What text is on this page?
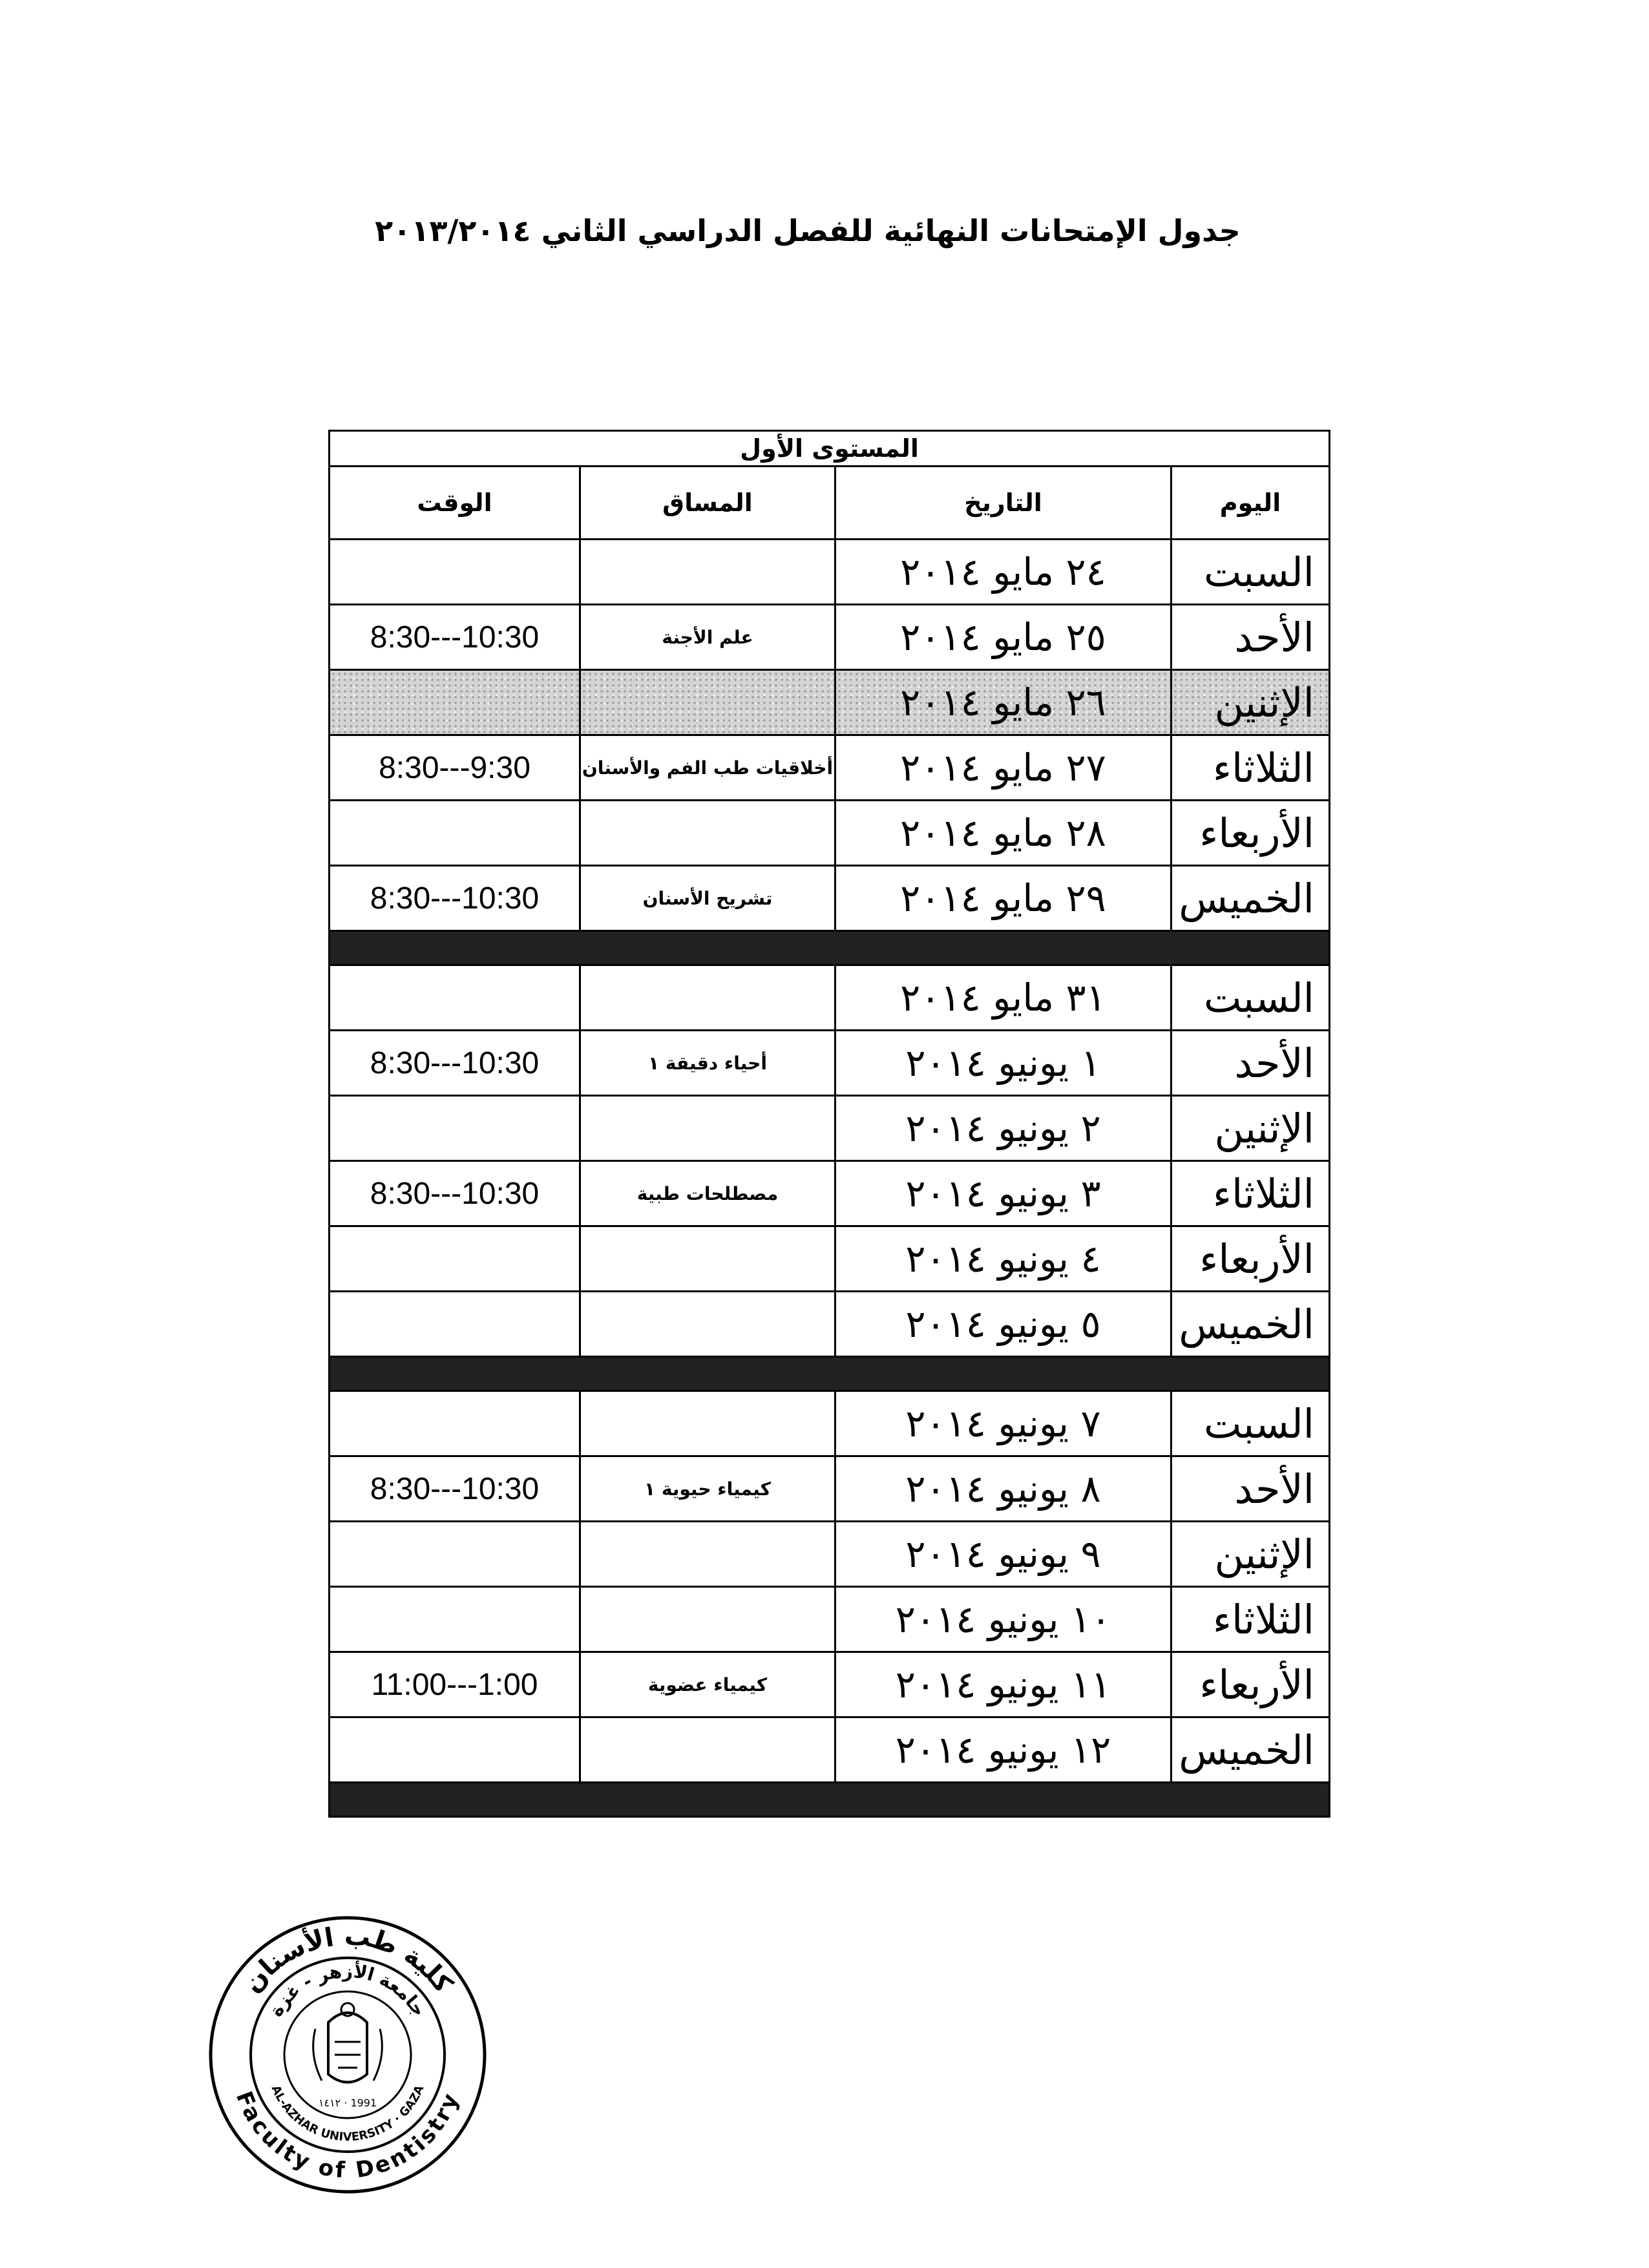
جدول الإمتحانات النهائية للفصل الدراسي الثاني ٢٠١٣/٢٠١٤
المستوى الأول			
اليوم	التاريخ	المساق	الوقت
السبت	٢٤ مايو ٢٠١٤		
الأحد	٢٥ مايو ٢٠١٤	علم الأجنة	8:30---10:30
الإثنين	٢٦ مايو ٢٠١٤		
الثلاثاء	٢٧ مايو ٢٠١٤	أخلاقيات طب الفم والأسنان	8:30---9:30
الأربعاء	٢٨ مايو ٢٠١٤		
الخميس	٢٩ مايو ٢٠١٤	تشريح الأسنان	8:30---10:30

السبت	٣١ مايو ٢٠١٤		
الأحد	١ يونيو ٢٠١٤	أحياء دقيقة ١	8:30---10:30
الإثنين	٢ يونيو ٢٠١٤		
الثلاثاء	٣ يونيو ٢٠١٤	مصطلحات طبية	8:30---10:30
الأربعاء	٤ يونيو ٢٠١٤		
الخميس	٥ يونيو ٢٠١٤		

السبت	٧ يونيو ٢٠١٤		
الأحد	٨ يونيو ٢٠١٤	كيمياء حيوية ١	8:30---10:30
الإثنين	٩ يونيو ٢٠١٤		
الثلاثاء	١٠ يونيو ٢٠١٤		
الأربعاء	١١ يونيو ٢٠١٤	كيمياء عضوية	11:00---1:00
الخميس	١٢ يونيو ٢٠١٤		

كلية طب الأسنان
Faculty of Dentistry
جامعة الأزهر - غزة
AL-AZHAR UNIVERSITY · GAZA
١٤١٢ · 1991
